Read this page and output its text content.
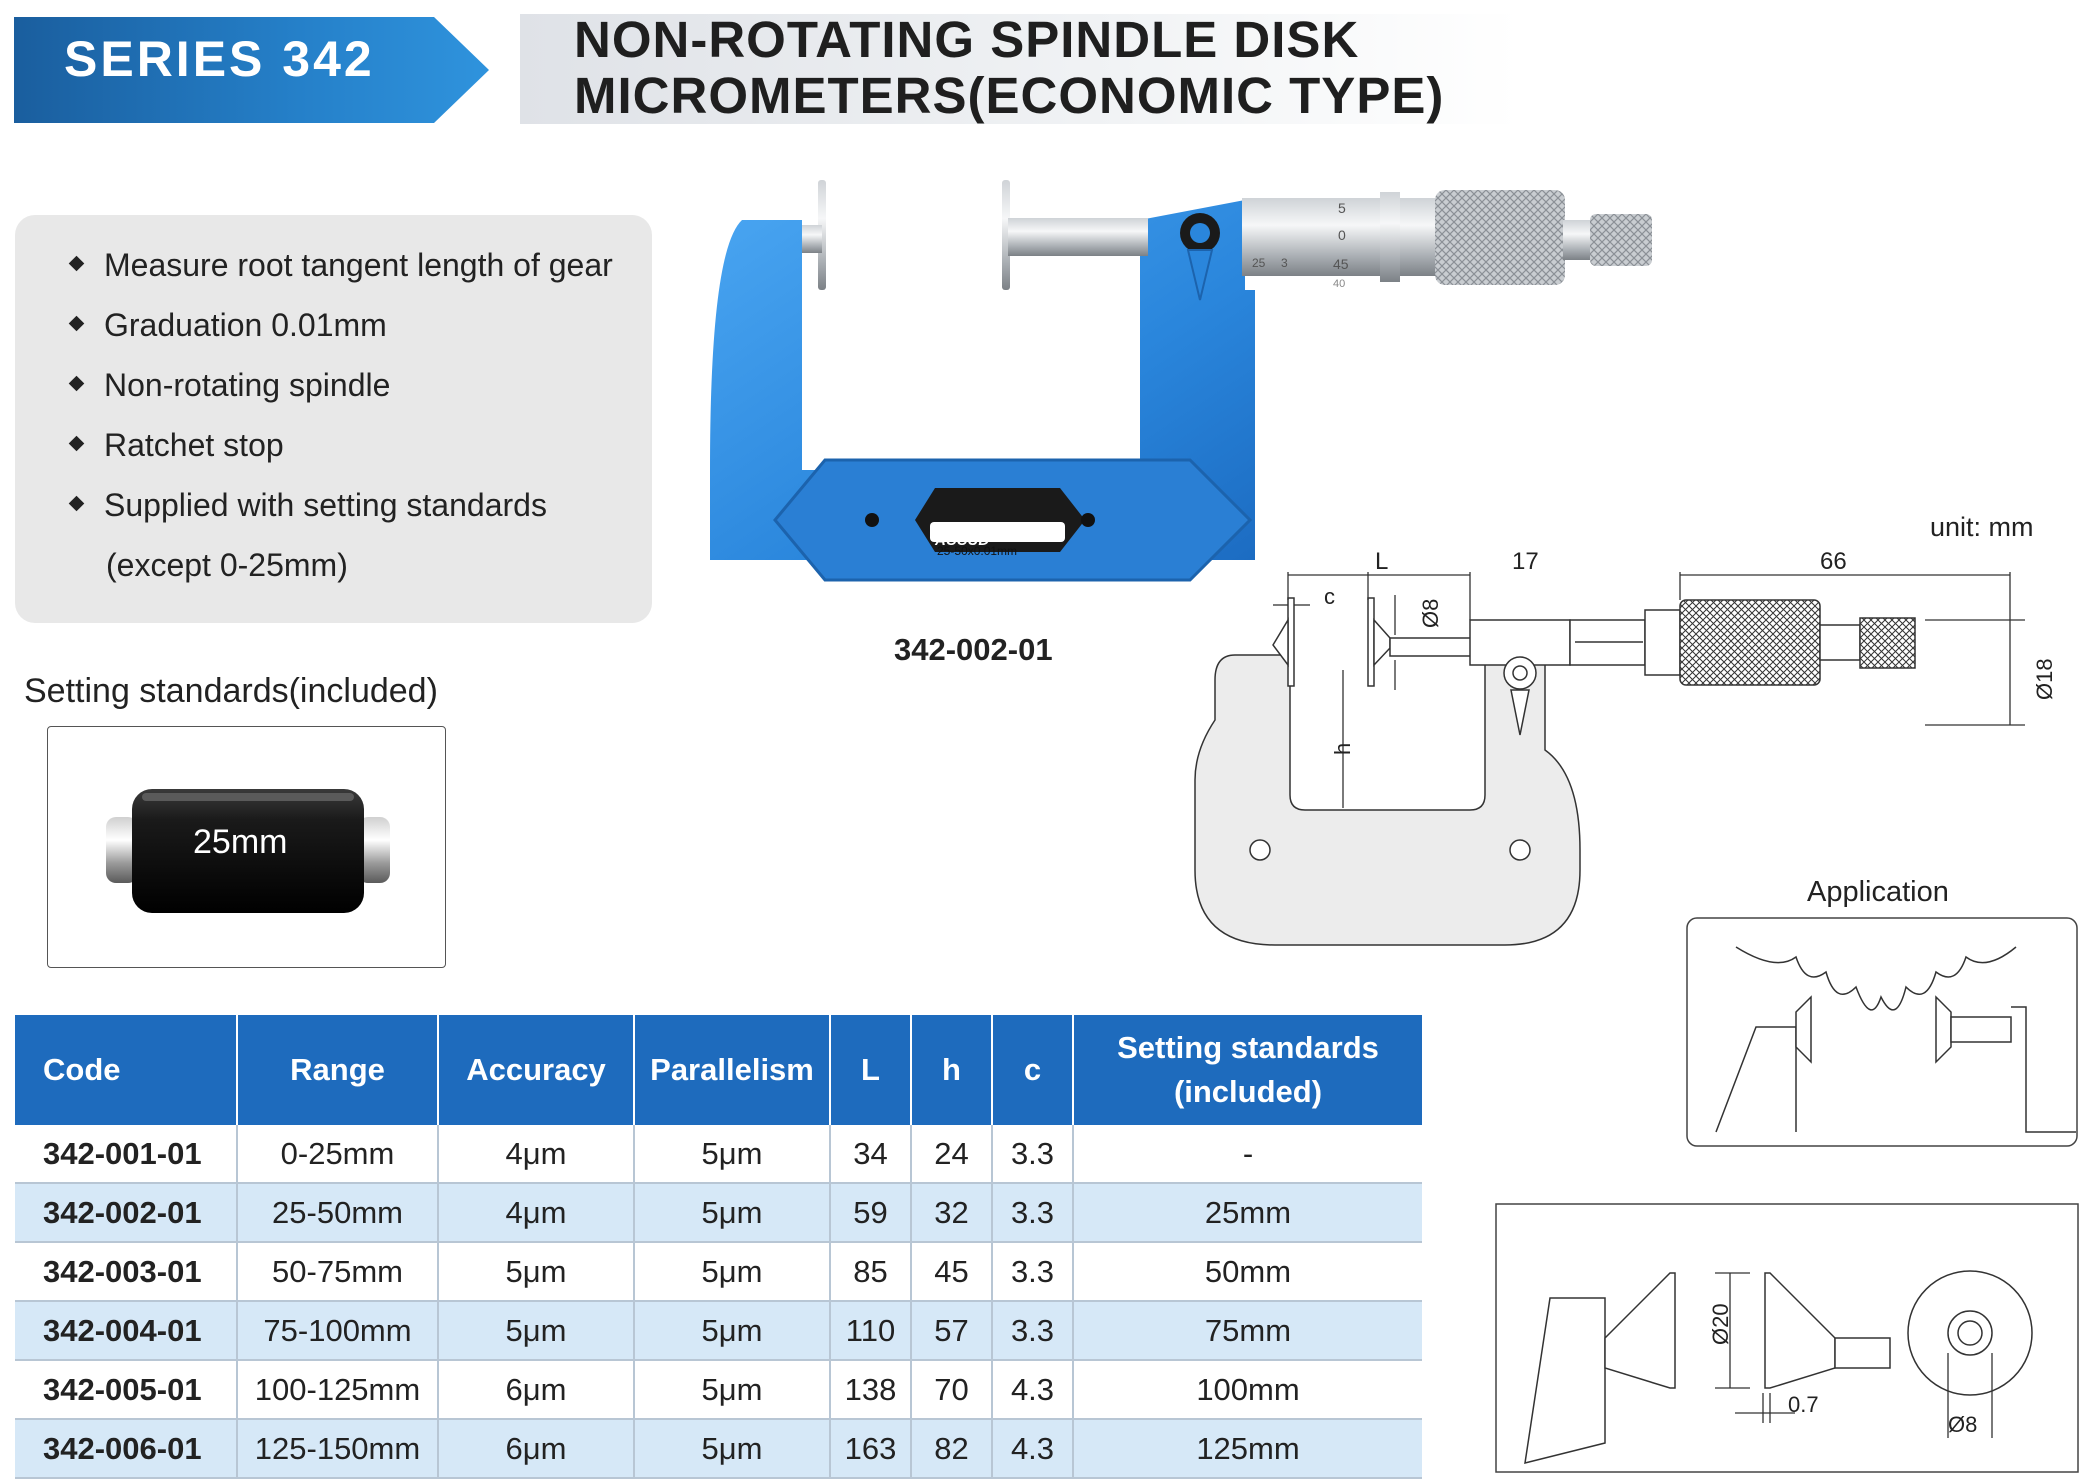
SERIES 342	NON-ROTATING SPINDLE DISK
MICROMETERS(ECONOMIC TYPE)
Measure root tangent length of gear
Graduation 0.01mm
Non-rotating spindle
Ratchet stop
Supplied with setting standards
(except 0-25mm)
Setting standards(included)
25mm
ACCUD
25-50x0.01mm
5
0
45
40
25 3
342-002-01
unit: mm
L
c
17	66
Ø8
Ø18
h
Application
Ø20
0.7
Ø8
Code	Range	Accuracy	Parallelism	L	h	c	Setting standards
(included)
342-001-01	0-25mm	4μm	5μm	34	24	3.3	-
342-002-01	25-50mm	4μm	5μm	59	32	3.3	25mm
342-003-01	50-75mm	5μm	5μm	85	45	3.3	50mm
342-004-01	75-100mm	5μm	5μm	110	57	3.3	75mm
342-005-01	100-125mm	6μm	5μm	138	70	4.3	100mm
342-006-01	125-150mm	6μm	5μm	163	82	4.3	125mm
